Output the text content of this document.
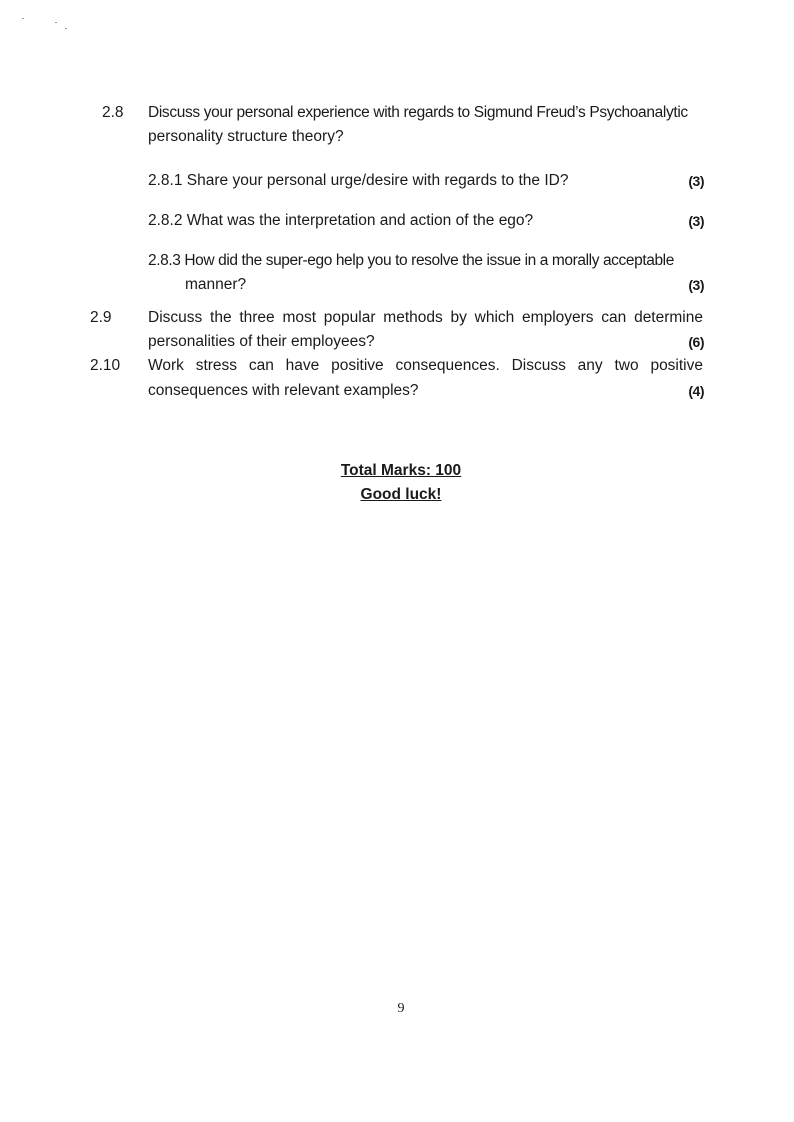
2.8 Discuss your personal experience with regards to Sigmund Freud’s Psychoanalytic
personality structure theory?
2.8.1 Share your personal urge/desire with regards to the ID?	(3)
2.8.2 What was the interpretation and action of the ego?	(3)
2.8.3 How did the super-ego help you to resolve the issue in a morally acceptable
manner?	(3)
2.9 Discuss the three most popular methods by which employers can determine
personalities of their employees?	(6)
2.10 Work stress can have positive consequences. Discuss any two positive
consequences with relevant examples?	(4)
Total Marks: 100
Good luck!
9
